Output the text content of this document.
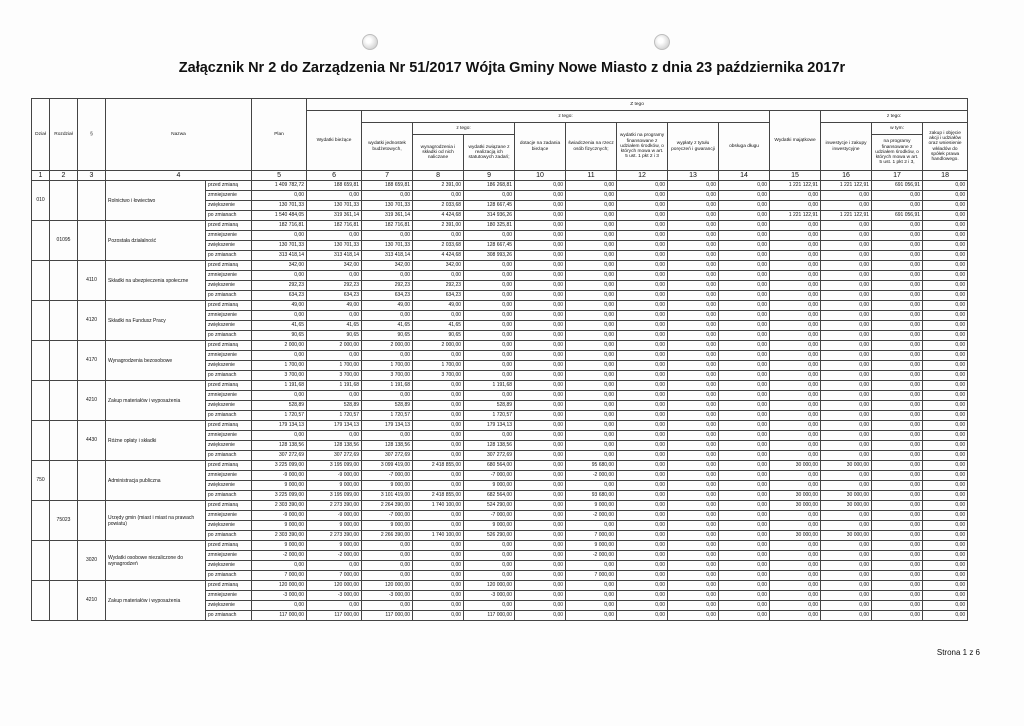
Załącznik Nr 2 do Zarządzenia Nr 51/2017 Wójta Gminy Nowe Miasto z dnia 23 października 2017r
Dział	Rozdział	§	Nazwa		Plan	Z tego												
						Wydatki bieżące	z tego:								Wydatki majątkowe	z tego:		
							wydatki jednostek budżetowych,	z tego:		dotacje na zadania bieżące	świadczenia na rzecz osób fizycznych;	wydatki na programy finansowane z udziałem środków, o których mowa w art. 5 ust. 1 pkt 2 i 3	wypłaty z tytułu poręczeń i gwarancji	obsługa długu		inwestycje i zakupy inwestycyjne	w tym:	zakup i objęcie akcji i udziałów oraz wniesienie wkładów do spółek prawa handlowego.
								wynagrodzenia i składki od nich naliczane	wydatki związane z realizacją ich statutowych zadań;								na programy finansowane z udziałem środków, o których mowa w art. 5 ust. 1 pkt 2 i 3,	
1	2	3	4		5	6	7	8	9	10	11	12	13	14	15	16	17	18
010			Rolnictwo i łowiectwo	przed zmianą	1 409 782,72	188 659,81	188 659,81	2 391,00	186 268,81	0,00	0,00	0,00	0,00	0,00	1 221 122,91	1 221 122,91	691 056,91	0,00
				zmniejszenie	0,00	0,00	0,00	0,00	0,00	0,00	0,00	0,00	0,00	0,00	0,00	0,00	0,00	0,00
				zwiększenie	130 701,33	130 701,33	130 701,33	2 033,68	128 667,45	0,00	0,00	0,00	0,00	0,00	0,00	0,00	0,00	0,00
				po zmianach	1 540 484,05	319 361,14	319 361,14	4 424,68	314 936,26	0,00	0,00	0,00	0,00	0,00	1 221 122,91	1 221 122,91	691 056,91	0,00
	01095		Pozostała działalność	przed zmianą	182 716,81	182 716,81	182 716,81	2 391,00	180 325,81	0,00	0,00	0,00	0,00	0,00	0,00	0,00	0,00	0,00
				zmniejszenie	0,00	0,00	0,00	0,00	0,00	0,00	0,00	0,00	0,00	0,00	0,00	0,00	0,00	0,00
				zwiększenie	130 701,33	130 701,33	130 701,33	2 033,68	128 667,45	0,00	0,00	0,00	0,00	0,00	0,00	0,00	0,00	0,00
				po zmianach	313 418,14	313 418,14	313 418,14	4 424,68	308 993,26	0,00	0,00	0,00	0,00	0,00	0,00	0,00	0,00	0,00
		4110	Składki na ubezpieczenia społeczne	przed zmianą	342,00	342,00	342,00	342,00	0,00	0,00	0,00	0,00	0,00	0,00	0,00	0,00	0,00	0,00
				zmniejszenie	0,00	0,00	0,00	0,00	0,00	0,00	0,00	0,00	0,00	0,00	0,00	0,00	0,00	0,00
				zwiększenie	292,23	292,23	292,23	292,23	0,00	0,00	0,00	0,00	0,00	0,00	0,00	0,00	0,00	0,00
				po zmianach	634,23	634,23	634,23	634,23	0,00	0,00	0,00	0,00	0,00	0,00	0,00	0,00	0,00	0,00
		4120	Składki na Fundusz Pracy	przed zmianą	49,00	49,00	49,00	49,00	0,00	0,00	0,00	0,00	0,00	0,00	0,00	0,00	0,00	0,00
				zmniejszenie	0,00	0,00	0,00	0,00	0,00	0,00	0,00	0,00	0,00	0,00	0,00	0,00	0,00	0,00
				zwiększenie	41,65	41,65	41,65	41,65	0,00	0,00	0,00	0,00	0,00	0,00	0,00	0,00	0,00	0,00
				po zmianach	90,65	90,65	90,65	90,65	0,00	0,00	0,00	0,00	0,00	0,00	0,00	0,00	0,00	0,00
		4170	Wynagrodzenia bezosobowe	przed zmianą	2 000,00	2 000,00	2 000,00	2 000,00	0,00	0,00	0,00	0,00	0,00	0,00	0,00	0,00	0,00	0,00
				zmniejszenie	0,00	0,00	0,00	0,00	0,00	0,00	0,00	0,00	0,00	0,00	0,00	0,00	0,00	0,00
				zwiększenie	1 700,00	1 700,00	1 700,00	1 700,00	0,00	0,00	0,00	0,00	0,00	0,00	0,00	0,00	0,00	0,00
				po zmianach	3 700,00	3 700,00	3 700,00	3 700,00	0,00	0,00	0,00	0,00	0,00	0,00	0,00	0,00	0,00	0,00
		4210	Zakup materiałów i wyposażenia	przed zmianą	1 191,68	1 191,68	1 191,68	0,00	1 191,68	0,00	0,00	0,00	0,00	0,00	0,00	0,00	0,00	0,00
				zmniejszenie	0,00	0,00	0,00	0,00	0,00	0,00	0,00	0,00	0,00	0,00	0,00	0,00	0,00	0,00
				zwiększenie	528,89	528,89	528,89	0,00	528,89	0,00	0,00	0,00	0,00	0,00	0,00	0,00	0,00	0,00
				po zmianach	1 720,57	1 720,57	1 720,57	0,00	1 720,57	0,00	0,00	0,00	0,00	0,00	0,00	0,00	0,00	0,00
		4430	Różne opłaty i składki	przed zmianą	179 134,13	179 134,13	179 134,13	0,00	179 134,13	0,00	0,00	0,00	0,00	0,00	0,00	0,00	0,00	0,00
				zmniejszenie	0,00	0,00	0,00	0,00	0,00	0,00	0,00	0,00	0,00	0,00	0,00	0,00	0,00	0,00
				zwiększenie	128 138,56	128 138,56	128 138,56	0,00	128 138,56	0,00	0,00	0,00	0,00	0,00	0,00	0,00	0,00	0,00
				po zmianach	307 272,69	307 272,69	307 272,69	0,00	307 272,69	0,00	0,00	0,00	0,00	0,00	0,00	0,00	0,00	0,00
750			Administracja publiczna	przed zmianą	3 225 099,00	3 195 099,00	3 099 419,00	2 418 855,00	680 564,00	0,00	95 680,00	0,00	0,00	0,00	30 000,00	30 000,00	0,00	0,00
				zmniejszenie	-9 000,00	-9 000,00	-7 000,00	0,00	-7 000,00	0,00	-2 000,00	0,00	0,00	0,00	0,00	0,00	0,00	0,00
				zwiększenie	9 000,00	9 000,00	9 000,00	0,00	9 000,00	0,00	0,00	0,00	0,00	0,00	0,00	0,00	0,00	0,00
				po zmianach	3 225 099,00	3 195 099,00	3 101 419,00	2 418 855,00	682 564,00	0,00	93 680,00	0,00	0,00	0,00	30 000,00	30 000,00	0,00	0,00
	75023		Urzędy gmin (miast i miast na prawach powiatu)	przed zmianą	2 303 390,00	2 273 390,00	2 264 390,00	1 740 100,00	524 290,00	0,00	9 000,00	0,00	0,00	0,00	30 000,00	30 000,00	0,00	0,00
				zmniejszenie	-9 000,00	-9 000,00	-7 000,00	0,00	-7 000,00	0,00	-2 000,00	0,00	0,00	0,00	0,00	0,00	0,00	0,00
				zwiększenie	9 000,00	9 000,00	9 000,00	0,00	9 000,00	0,00	0,00	0,00	0,00	0,00	0,00	0,00	0,00	0,00
				po zmianach	2 303 390,00	2 273 390,00	2 266 390,00	1 740 100,00	526 290,00	0,00	7 000,00	0,00	0,00	0,00	30 000,00	30 000,00	0,00	0,00
		3020	Wydatki osobowe niezaliczone do wynagrodzeń	przed zmianą	9 000,00	9 000,00	0,00	0,00	0,00	0,00	9 000,00	0,00	0,00	0,00	0,00	0,00	0,00	0,00
				zmniejszenie	-2 000,00	-2 000,00	0,00	0,00	0,00	0,00	-2 000,00	0,00	0,00	0,00	0,00	0,00	0,00	0,00
				zwiększenie	0,00	0,00	0,00	0,00	0,00	0,00	0,00	0,00	0,00	0,00	0,00	0,00	0,00	0,00
				po zmianach	7 000,00	7 000,00	0,00	0,00	0,00	0,00	7 000,00	0,00	0,00	0,00	0,00	0,00	0,00	0,00
		4210	Zakup materiałów i wyposażenia	przed zmianą	120 000,00	120 000,00	120 000,00	0,00	120 000,00	0,00	0,00	0,00	0,00	0,00	0,00	0,00	0,00	0,00
				zmniejszenie	-3 000,00	-3 000,00	-3 000,00	0,00	-3 000,00	0,00	0,00	0,00	0,00	0,00	0,00	0,00	0,00	0,00
				zwiększenie	0,00	0,00	0,00	0,00	0,00	0,00	0,00	0,00	0,00	0,00	0,00	0,00	0,00	0,00
				po zmianach	117 000,00	117 000,00	117 000,00	0,00	117 000,00	0,00	0,00	0,00	0,00	0,00	0,00	0,00	0,00	0,00
Strona 1 z 6
